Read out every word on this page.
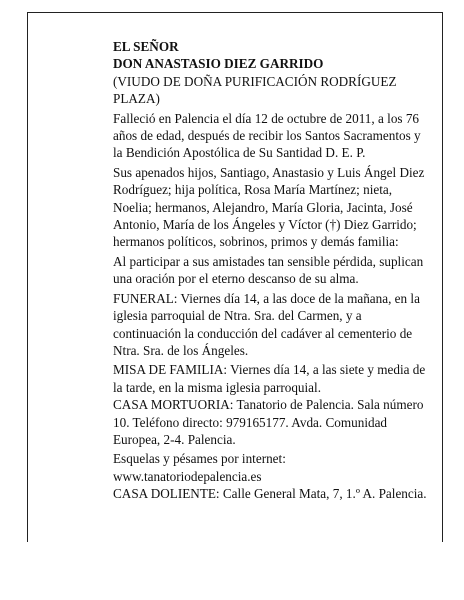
EL SEÑOR

DON ANASTASIO DIEZ GARRIDO

(VIUDO DE DOÑA PURIFICACIÓN RODRÍGUEZ PLAZA)

Falleció en Palencia el día 12 de octubre de 2011, a los 76 años de edad, después de recibir los Santos Sacramentos y la Bendición Apostólica de Su Santidad D. E. P.

Sus apenados hijos, Santiago, Anastasio y Luis Ángel Diez Rodríguez; hija política, Rosa María Martínez; nieta, Noelia; hermanos, Alejandro, María Gloria, Jacinta, José Antonio, María de los Ángeles y Víctor (†) Diez Garrido; hermanos políticos, sobrinos, primos y demás familia:

Al participar a sus amistades tan sensible pérdida, suplican una oración por el eterno descanso de su alma.

FUNERAL: Viernes día 14, a las doce de la mañana, en la iglesia parroquial de Ntra. Sra. del Carmen, y a continuación la conducción del cadáver al cementerio de Ntra. Sra. de los Ángeles.

MISA DE FAMILIA: Viernes día 14, a las siete y media de la tarde, en la misma iglesia parroquial.

CASA MORTUORIA: Tanatorio de Palencia. Sala número 10. Teléfono directo: 979165177. Avda. Comunidad Europea, 2-4. Palencia.

Esquelas y pésames por internet: www.tanatoriodepalencia.es

CASA DOLIENTE: Calle General Mata, 7, 1.º A. Palencia.
